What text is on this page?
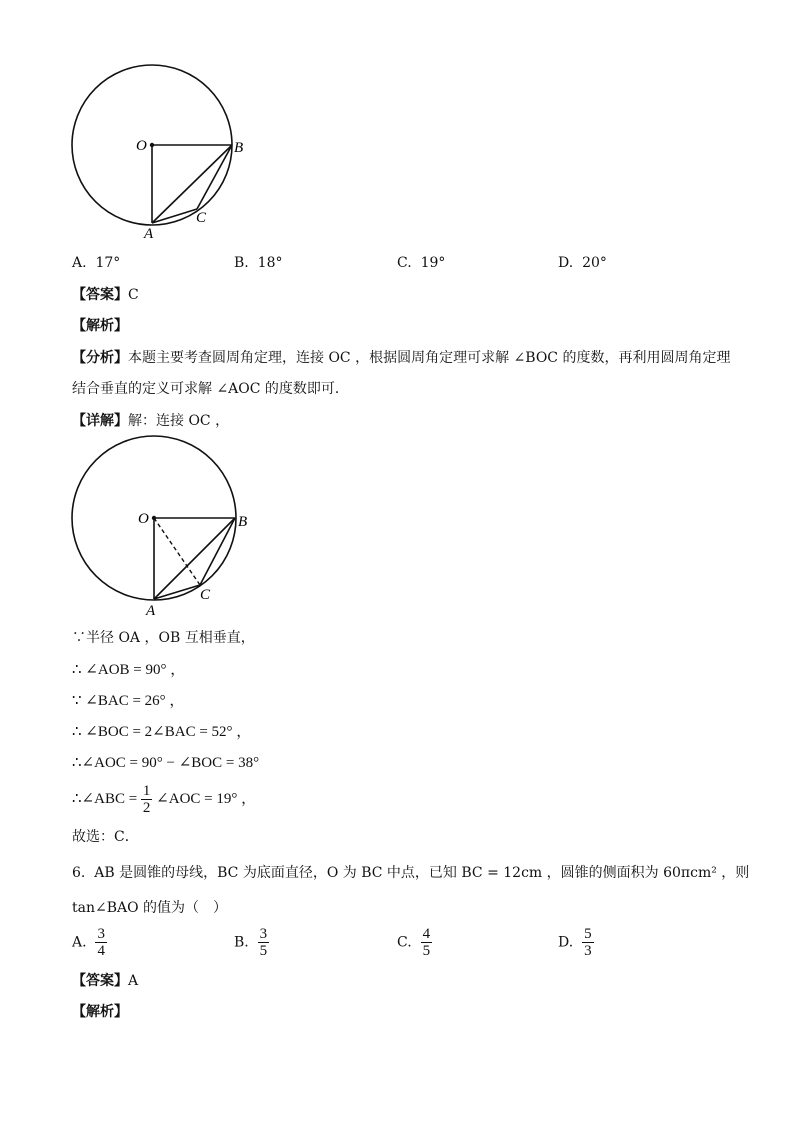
O	B
A
C
A. 17°	B. 18°	C. 19°	D. 20°
【答案】C
【解析】
【分析】本题主要考查圆周角定理，连接 OC ，根据圆周角定理可求解 ∠BOC 的度数，再利用圆周角定理
结合垂直的定义可求解 ∠AOC 的度数即可．
【详解】解：连接 OC ，
O	B
A
C
∵半径 OA ，OB 互相垂直，
∴ ∠AOB = 90° ，
∵ ∠BAC = 26° ，
∴ ∠BOC = 2∠BAC = 52° ，
∴∠AOC = 90° − ∠BOC = 38°
∴∠ABC = $\frac{1}{2}$ ∠AOC = 19° ，
故选：C．
6. AB 是圆锥的母线，BC 为底面直径，O 为 BC 中点，已知 BC = 12cm ，圆锥的侧面积为 60πcm² ，则
tan∠BAO 的值为（　）
A. $\frac{3}{4}$	B. $\frac{3}{5}$	C. $\frac{4}{5}$	D. $\frac{5}{3}$
【答案】A
【解析】
